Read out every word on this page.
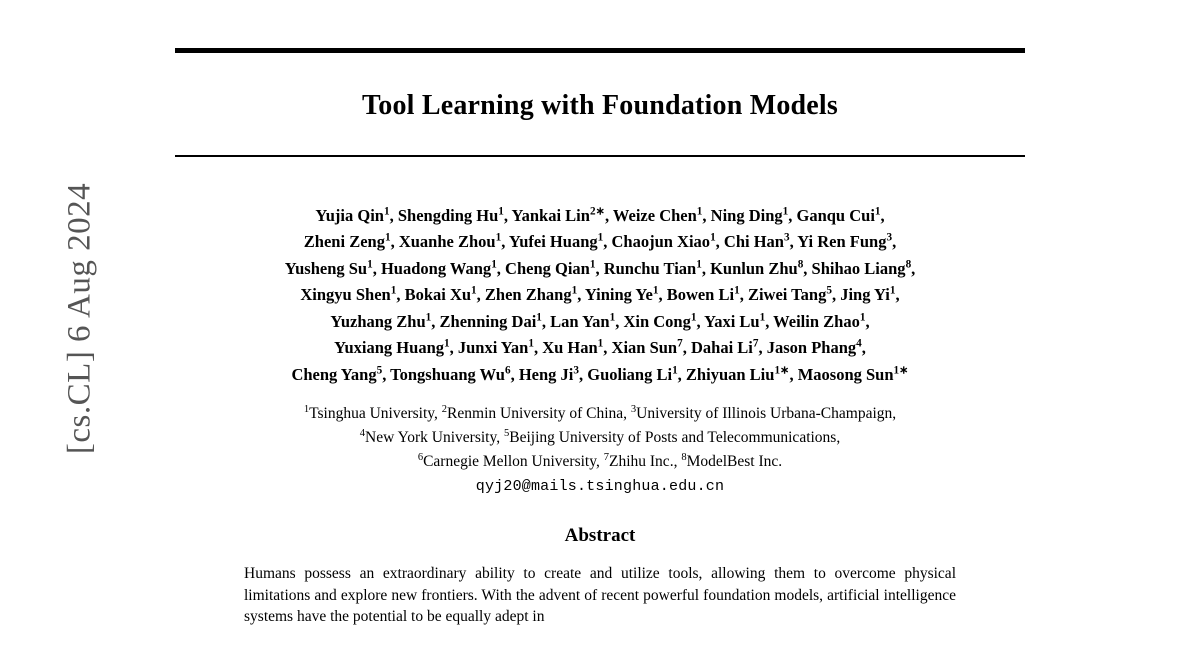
[cs.CL] 6 Aug 2024
Tool Learning with Foundation Models
Yujia Qin$^1$, Shengding Hu$^1$, Yankai Lin$^{2∗}$, Weize Chen$^1$, Ning Ding$^1$, Ganqu Cui$^1$,
Zheni Zeng$^1$, Xuanhe Zhou$^1$, Yufei Huang$^1$, Chaojun Xiao$^1$, Chi Han$^3$, Yi Ren Fung$^3$,
Yusheng Su$^1$, Huadong Wang$^1$, Cheng Qian$^1$, Runchu Tian$^1$, Kunlun Zhu$^8$, Shihao Liang$^8$,
Xingyu Shen$^1$, Bokai Xu$^1$, Zhen Zhang$^1$, Yining Ye$^1$, Bowen Li$^1$, Ziwei Tang$^5$, Jing Yi$^1$,
Yuzhang Zhu$^1$, Zhenning Dai$^1$, Lan Yan$^1$, Xin Cong$^1$, Yaxi Lu$^1$, Weilin Zhao$^1$,
Yuxiang Huang$^1$, Junxi Yan$^1$, Xu Han$^1$, Xian Sun$^7$, Dahai Li$^7$, Jason Phang$^4$,
Cheng Yang$^5$, Tongshuang Wu$^6$, Heng Ji$^3$, Guoliang Li$^1$, Zhiyuan Liu$^{1∗}$, Maosong Sun$^{1∗}$
$^1$Tsinghua University, $^2$Renmin University of China, $^3$University of Illinois Urbana-Champaign,
$^4$New York University, $^5$Beijing University of Posts and Telecommunications,
$^6$Carnegie Mellon University, $^7$Zhihu Inc., $^8$ModelBest Inc.
qyj20@mails.tsinghua.edu.cn
Abstract

Humans possess an extraordinary ability to create and utilize tools, allowing them to overcome physical limitations and explore new frontiers. With the advent of recent powerful foundation models, artificial intelligence systems have the potential to be equally adept in
